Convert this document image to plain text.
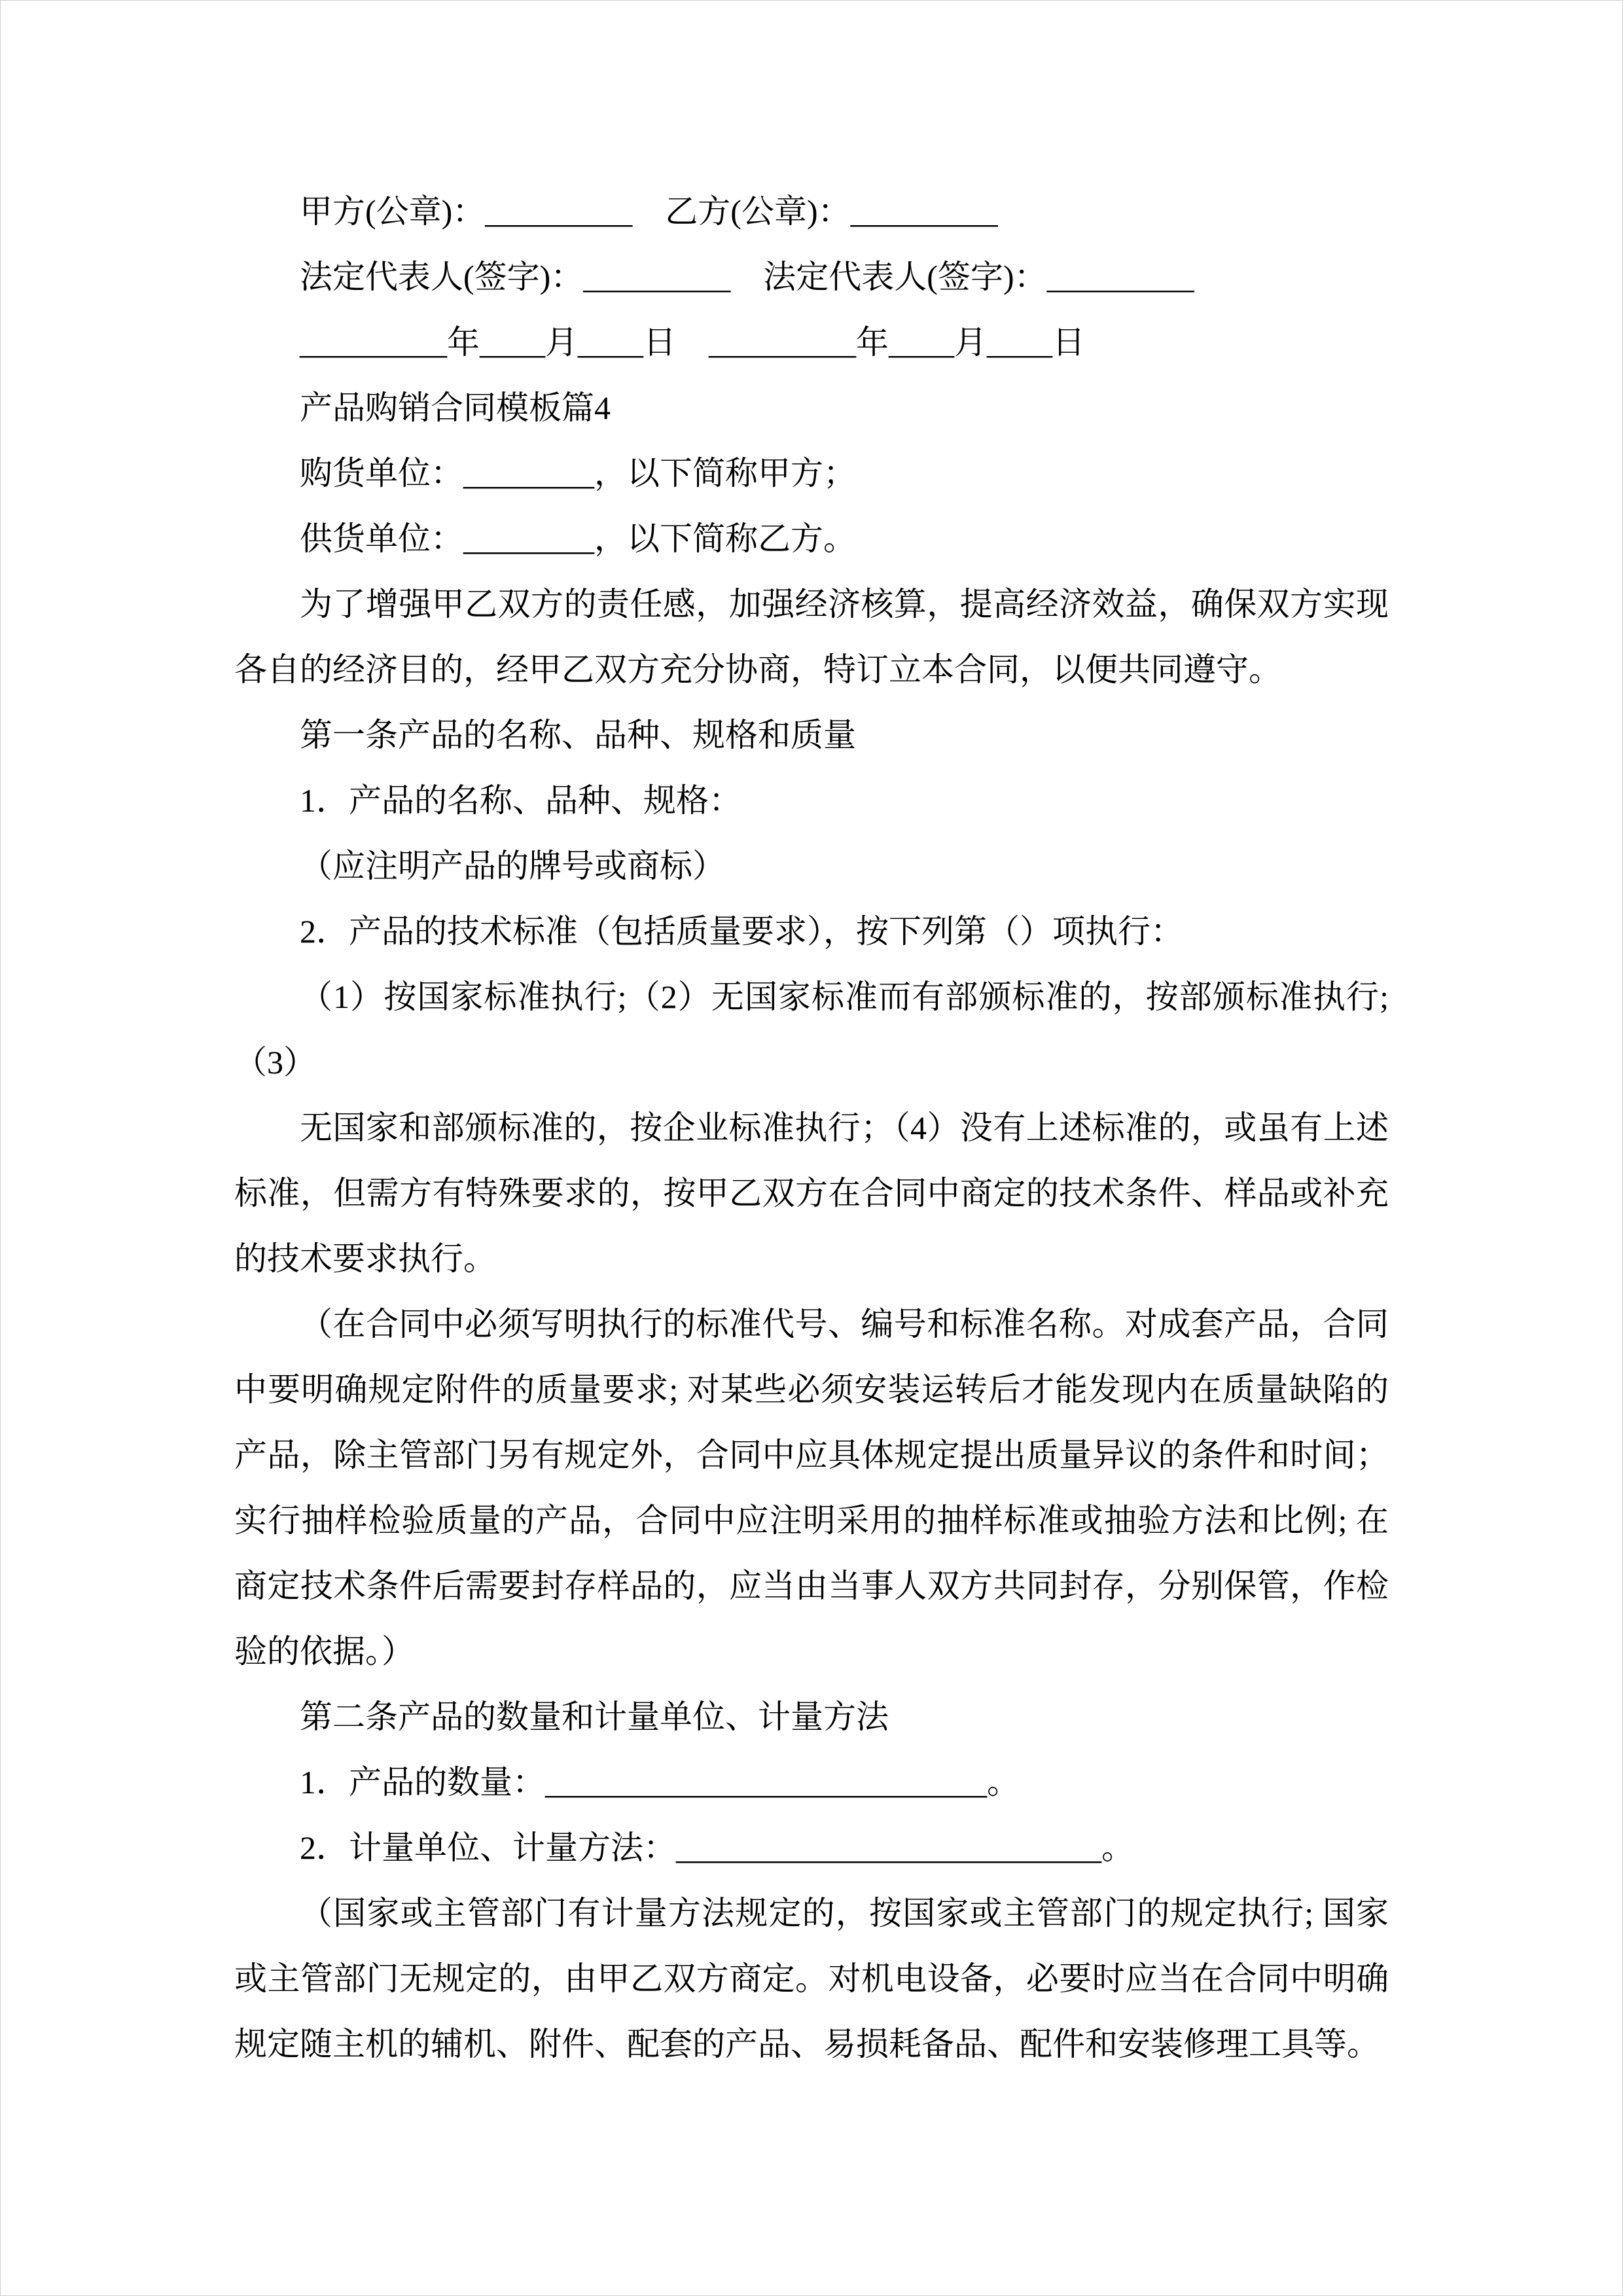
甲方(公章)：_________　乙方(公章)：_________

法定代表人(签字)：_________　法定代表人(签字)：_________

_________年____月____日　_________年____月____日

产品购销合同模板篇4

购货单位：________，以下简称甲方；

供货单位：________，以下简称乙方。

为了增强甲乙双方的责任感，加强经济核算，提高经济效益，确保双方实现各自的经济目的，经甲乙双方充分协商，特订立本合同，以便共同遵守。

第一条产品的名称、品种、规格和质量

1．产品的名称、品种、规格：

（应注明产品的牌号或商标）

2．产品的技术标准（包括质量要求），按下列第（）项执行：

（1）按国家标准执行;（2）无国家标准而有部颁标准的，按部颁标准执行;（3）

无国家和部颁标准的，按企业标准执行；（4）没有上述标准的，或虽有上述标准，但需方有特殊要求的，按甲乙双方在合同中商定的技术条件、样品或补充的技术要求执行。

（在合同中必须写明执行的标准代号、编号和标准名称。对成套产品，合同中要明确规定附件的质量要求; 对某些必须安装运转后才能发现内在质量缺陷的产品，除主管部门另有规定外，合同中应具体规定提出质量异议的条件和时间；实行抽样检验质量的产品，合同中应注明采用的抽样标准或抽验方法和比例; 在商定技术条件后需要封存样品的，应当由当事人双方共同封存，分别保管，作检验的依据。）

第二条产品的数量和计量单位、计量方法

1．产品的数量：___________________________。

2．计量单位、计量方法：__________________________。

（国家或主管部门有计量方法规定的，按国家或主管部门的规定执行; 国家或主管部门无规定的，由甲乙双方商定。对机电设备，必要时应当在合同中明确规定随主机的辅机、附件、配套的产品、易损耗备品、配件和安装修理工具等。
